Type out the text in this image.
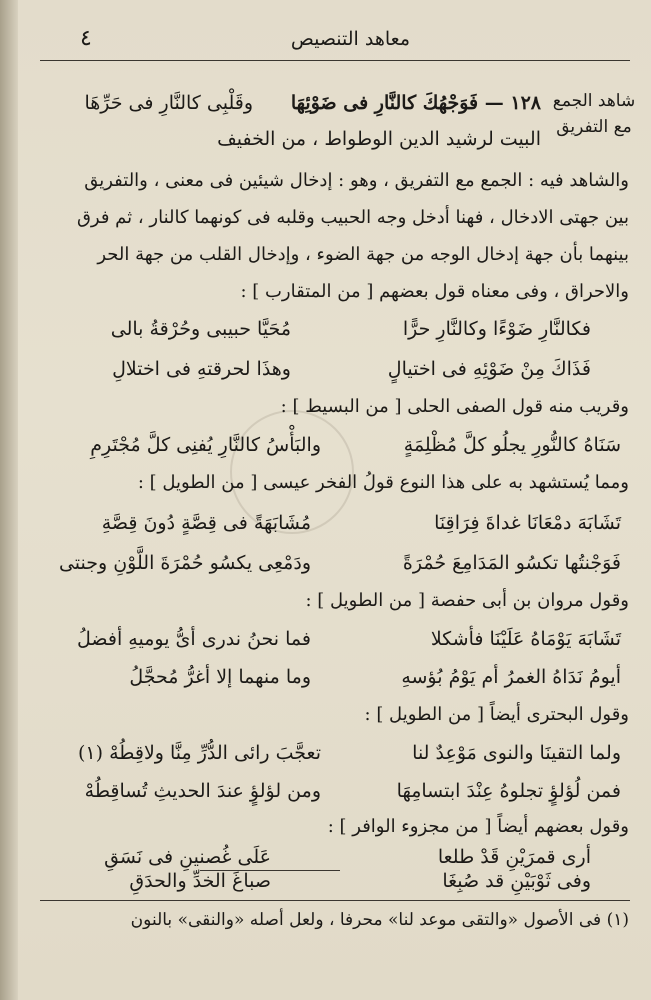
معاهد التنصيص
٤
شاهد الجمع مع التفريق
١٢٨ — فَوَجْهُكَ كالنَّارِ فى ضَوْئِهَا
وقَلْبِى كالنَّارِ فى حَرِّهَا
البيت لرشيد الدين الوطواط ، من الخفيف
والشاهد فيه : الجمع مع التفريق ، وهو : إدخال شيئين فى معنى ، والتفريق
بين جهتى الادخال ، فهنا أدخل وجه الحبيب وقلبه فى كونهما كالنار ، ثم فرق
بينهما بأن جهة إدخال الوجه من جهة الضوء ، وإدخال القلب من جهة الحر
والاحراق ، وفى معناه قول بعضهم [ من المتقارب ] :
فكالنَّارِ ضَوْءًا وكالنَّارِ حرًّا
مُحَيَّا حبيبى وحُرْقةُ بالى
فَذَاكَ مِنْ ضَوْئِهِ فى اختيالٍ
وهذَا لحرقتهِ فى اختلالِ
وقريب منه قول الصفى الحلى [ من البسيط ] :
سَنَاهُ كالنُّورِ يجلُو كلَّ مُظْلِمَةٍ
والبَأْسُ كالنَّارِ يُفنِى كلَّ مُجْتَرِمِ
ومما يُستشهد به على هذا النوع قولُ الفخر عيسى [ من الطويل ] :
تَشَابَهَ دمْعَانَا غداةَ فِرَاقِنَا
مُشَابَهَةً فى قِصَّةٍ دُونَ قِصَّةِ
فَوَجْنتُها تكسُو المَدَامِعَ حُمْرَةً
ودَمْعِى يكسُو حُمْرَةَ اللَّوْنِ وجنتى
وقول مروان بن أبى حفصة [ من الطويل ] :
تَشَابَهَ يَوْمَاهُ عَلَيْنَا فأشكلا
فما نحنُ ندرى أىُّ يوميهِ أفضلُ
أيومُ نَدَاهُ الغمرُ أم يَوْمُ بُؤسهِ
وما منهما إلا أغرُّ مُحجَّلُ
وقول البحترى أيضاً [ من الطويل ] :
ولما التقينَا والنوى مَوْعِدٌ لنا
تعجَّبَ رائى الدُّرِّ مِنَّا ولاقِطُهْ (١)
فمن لُؤلؤٍ تجلوهُ عِنْدَ ابتسامِهَا
ومن لؤلؤٍ عندَ الحديثِ تُساقِطُهْ
وقول بعضهم أيضاً [ من مجزوء الوافر ] :
أرى قمرَيْنِ قَدْ طلعا
عَلَى غُصنينِ فى نَسَقِ
وفى ثَوْبَيْنِ قد صُبِغَا
صباغَ الخدِّ والحدَقِ
(١) فى الأصول «والتقى موعد لنا» محرفا ، ولعل أصله «والنقى» بالنون
